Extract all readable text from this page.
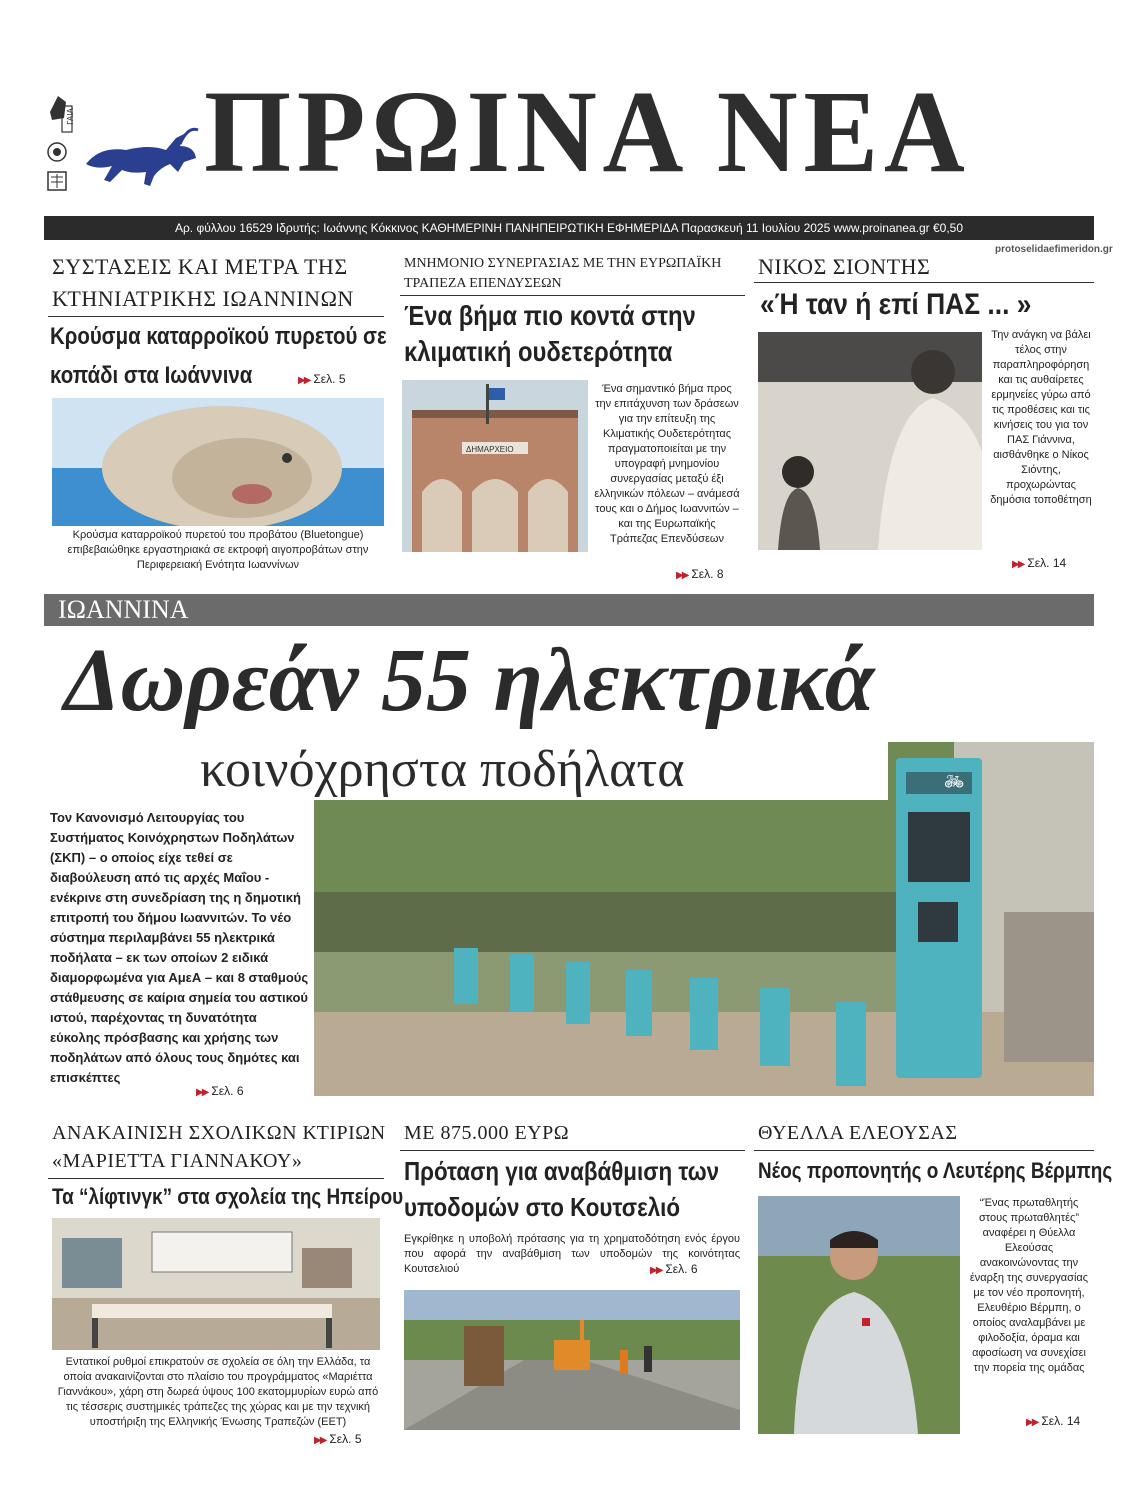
ΓΑΙΑ ΠΡΩΙΝΑ ΝΕΑ
Αρ. φύλλου 16529 Ιδρυτής: Ιωάννης Κόκκινος ΚΑΘΗΜΕΡΙΝΗ ΠΑΝΗΠΕΙΡΩΤΙΚΗ ΕΦΗΜΕΡΙΔΑ Παρασκευή 11 Ιουλίου 2025 www.proinanea.gr €0,50
protoselidaefimeridon.gr
ΣΥΣΤΑΣΕΙΣ ΚΑΙ ΜΕΤΡΑ ΤΗΣ
ΚΤΗΝΙΑΤΡΙΚΗΣ ΙΩΑΝΝΙΝΩΝ
Κρούσμα καταρροϊκού πυρετού σε
κοπάδι στα Ιωάννινα	▶▶ Σελ. 5
Κρούσμα καταρροϊκού πυρετού του προβάτου (Bluetongue) επιβεβαιώθηκε εργαστηριακά σε εκτροφή αιγοπροβάτων στην Περιφερειακή Ενότητα Ιωαννίνων
ΜΝΗΜΟΝΙΟ ΣΥΝΕΡΓΑΣΙΑΣ ΜΕ ΤΗΝ ΕΥΡΩΠΑΪΚΗ ΤΡΑΠΕΖΑ ΕΠΕΝΔΥΣΕΩΝ
Ένα βήμα πιο κοντά στην
κλιματική ουδετερότητα
ΔΗΜΑΡΧΕΙΟ
Ένα σημαντικό βήμα προς την επιτάχυνση των δράσεων για την επίτευξη της Κλιματικής Ουδετερότητας πραγματοποιείται με την υπογραφή μνημονίου συνεργασίας μεταξύ έξι ελληνικών πόλεων – ανάμεσά τους και ο Δήμος Ιωαννιτών – και της Ευρωπαϊκής Τράπεζας Επενδύσεων
▶▶ Σελ. 8
ΝΙΚΟΣ ΣΙΟΝΤΗΣ
«Ή ταν ή επί ΠΑΣ ... »
Την ανάγκη να βάλει τέλος στην παραπληροφόρηση και τις αυθαίρετες ερμηνείες γύρω από τις προθέσεις και τις κινήσεις του για τον ΠΑΣ Γιάννινα, αισθάνθηκε ο Νίκος Σιόντης, προχωρώντας δημόσια τοποθέτηση
▶▶ Σελ. 14
ΙΩΑΝΝΙΝΑ
Δωρεάν 55 ηλεκτρικά
🚲︎
κοινόχρηστα ποδήλατα
Τον Κανονισμό Λειτουργίας του Συστήματος Κοινόχρηστων Ποδηλάτων (ΣΚΠ) – ο οποίος είχε τεθεί σε διαβούλευση από τις αρχές Μαΐου - ενέκρινε στη συνεδρίαση της η δημοτική επιτροπή του δήμου Ιωαννιτών. Το νέο σύστημα περιλαμβάνει 55 ηλεκτρικά ποδήλατα – εκ των οποίων 2 ειδικά διαμορφωμένα για ΑμεΑ – και 8 σταθμούς στάθμευσης σε καίρια σημεία του αστικού ιστού, παρέχοντας τη δυνατότητα εύκολης πρόσβασης και χρήσης των ποδηλάτων από όλους τους δημότες και επισκέπτες
▶▶ Σελ. 6
ΑΝΑΚΑΙΝΙΣΗ ΣΧΟΛΙΚΩΝ ΚΤΙΡΙΩΝ
«ΜΑΡΙΕΤΤΑ ΓΙΑΝΝΑΚΟΥ»
Τα “λίφτινγκ” στα σχολεία της Ηπείρου
Εντατικοί ρυθμοί επικρατούν σε σχολεία σε όλη την Ελλάδα, τα οποία ανακαινίζονται στο πλαίσιο του προγράμματος «Μαριέττα Γιαννάκου», χάρη στη δωρεά ύψους 100 εκατομμυρίων ευρώ από τις τέσσερις συστημικές τράπεζες της χώρας και με την τεχνική υποστήριξη της Ελληνικής Ένωσης Τραπεζών (ΕΕΤ)
▶▶ Σελ. 5
ΜΕ 875.000 ΕΥΡΩ
Πρόταση για αναβάθμιση των
υποδομών στο Κουτσελιό
Εγκρίθηκε η υποβολή πρότασης για τη χρηματοδότηση ενός έργου που αφορά την αναβάθμιση των υποδομών της κοινότητας Κουτσελιού	▶▶ Σελ. 6
ΘΥΕΛΛΑ ΕΛΕΟΥΣΑΣ
Νέος προπονητής ο Λευτέρης Βέρμπης
“Ένας πρωταθλητής στους πρωταθλητές” αναφέρει η Θύελλα Ελεούσας ανακοινώνοντας την έναρξη της συνεργασίας με τον νέο προπονητή, Ελευθέριο Βέρμπη, ο οποίος αναλαμβάνει με φιλοδοξία, όραμα και αφοσίωση να συνεχίσει την πορεία της ομάδας
▶▶ Σελ. 14
